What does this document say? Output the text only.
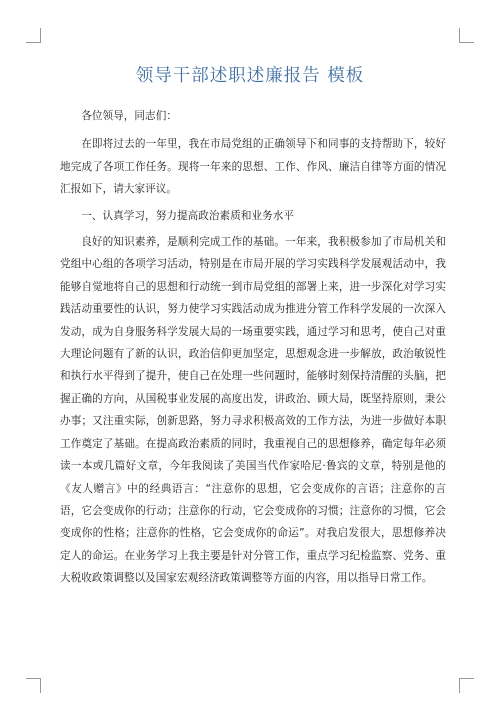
领导干部述职述廉报告 模板

各位领导，同志们：

在即将过去的一年里，我在市局党组的正确领导下和同事的支持帮助下，较好地完成了各项工作任务。现将一年来的思想、工作、作风、廉洁自律等方面的情况汇报如下，请大家评议。

一、认真学习，努力提高政治素质和业务水平

良好的知识素养，是顺利完成工作的基础。一年来，我积极参加了市局机关和党组中心组的各项学习活动，特别是在市局开展的学习实践科学发展观活动中，我能够自觉地将自己的思想和行动统一到市局党组的部署上来，进一步深化对学习实践活动重要性的认识，努力使学习实践活动成为推进分管工作科学发展的一次深入发动，成为自身服务科学发展大局的一场重要实践，通过学习和思考，使自己对重大理论问题有了新的认识，政治信仰更加坚定，思想观念进一步解放，政治敏锐性和执行水平得到了提升，使自己在处理一些问题时，能够时刻保持清醒的头脑，把握正确的方向，从国税事业发展的高度出发，讲政治、顾大局，既坚持原则，秉公办事；又注重实际，创新思路，努力寻求积极高效的工作方法，为进一步做好本职工作奠定了基础。在提高政治素质的同时，我重视自己的思想修养，确定每年必须读一本或几篇好文章，今年我阅读了美国当代作家哈尼·鲁宾的文章，特别是他的《友人赠言》中的经典语言：“注意你的思想，它会变成你的言语；注意你的言语，它会变成你的行动；注意你的行动，它会变成你的习惯；注意你的习惯，它会变成你的性格；注意你的性格，它会变成你的命运”。对我启发很大，思想修养决定人的命运。在业务学习上我主要是针对分管工作，重点学习纪检监察、党务、重大税收政策调整以及国家宏观经济政策调整等方面的内容，用以指导日常工作。
